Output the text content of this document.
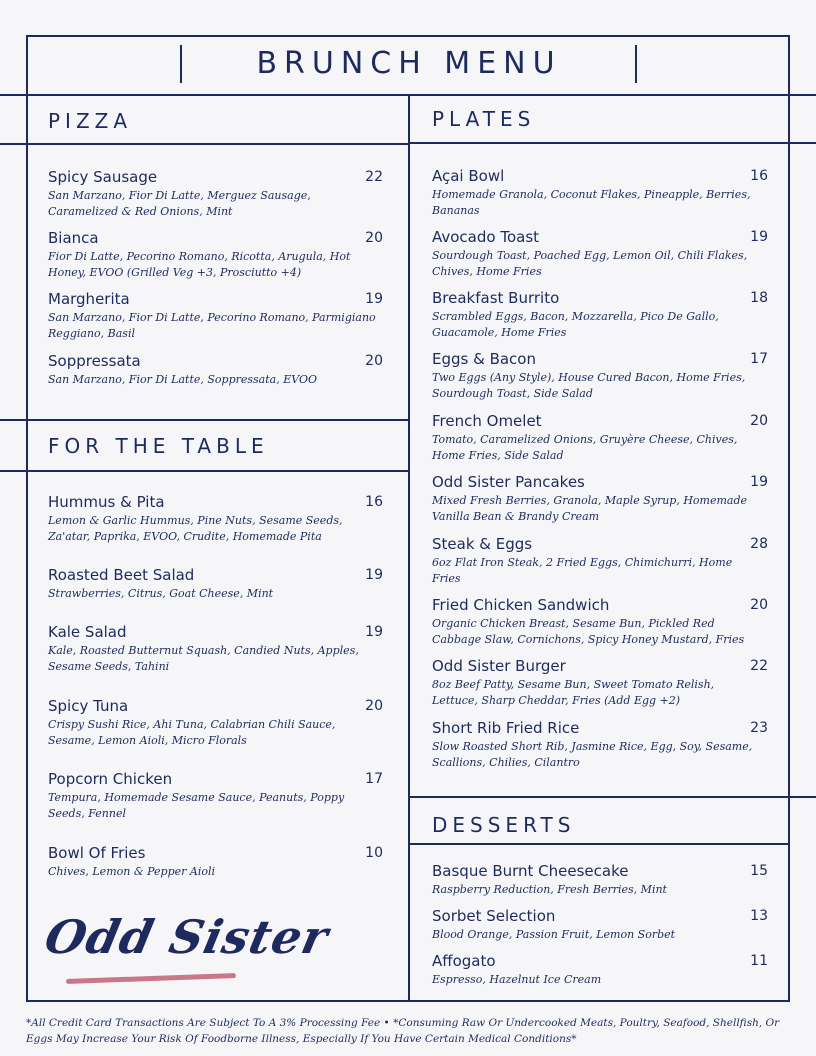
BRUNCH MENU
PIZZA	PLATES
FOR THE TABLE
DESSERTS
Spicy Sausage	22
San Marzano, Fior Di Latte, Merguez Sausage, Caramelized & Red Onions, Mint
Bianca	20
Fior Di Latte, Pecorino Romano, Ricotta, Arugula, Hot Honey, EVOO (Grilled Veg +3, Prosciutto +4)
Margherita	19
San Marzano, Fior Di Latte, Pecorino Romano, Parmigiano Reggiano, Basil
Soppressata	20
San Marzano, Fior Di Latte, Soppressata, EVOO
Hummus & Pita	16
Lemon & Garlic Hummus, Pine Nuts, Sesame Seeds, Za'atar, Paprika, EVOO, Crudite, Homemade Pita
Roasted Beet Salad	19
Strawberries, Citrus, Goat Cheese, Mint
Kale Salad	19
Kale, Roasted Butternut Squash, Candied Nuts, Apples, Sesame Seeds, Tahini
Spicy Tuna	20
Crispy Sushi Rice, Ahi Tuna, Calabrian Chili Sauce, Sesame, Lemon Aioli, Micro Florals
Popcorn Chicken	17
Tempura, Homemade Sesame Sauce, Peanuts, Poppy Seeds, Fennel
Bowl Of Fries	10
Chives, Lemon & Pepper Aioli
Açai Bowl	16
Homemade Granola, Coconut Flakes, Pineapple, Berries, Bananas
Avocado Toast	19
Sourdough Toast, Poached Egg, Lemon Oil, Chili Flakes, Chives, Home Fries
Breakfast Burrito	18
Scrambled Eggs, Bacon, Mozzarella, Pico De Gallo, Guacamole, Home Fries
Eggs & Bacon	17
Two Eggs (Any Style), House Cured Bacon, Home Fries, Sourdough Toast, Side Salad
French Omelet	20
Tomato, Caramelized Onions, Gruyère Cheese, Chives, Home Fries, Side Salad
Odd Sister Pancakes	19
Mixed Fresh Berries, Granola, Maple Syrup, Homemade Vanilla Bean & Brandy Cream
Steak & Eggs	28
6oz Flat Iron Steak, 2 Fried Eggs, Chimichurri, Home Fries
Fried Chicken Sandwich	20
Organic Chicken Breast, Sesame Bun, Pickled Red Cabbage Slaw, Cornichons, Spicy Honey Mustard, Fries
Odd Sister Burger	22
8oz Beef Patty, Sesame Bun, Sweet Tomato Relish, Lettuce, Sharp Cheddar, Fries (Add Egg +2)
Short Rib Fried Rice	23
Slow Roasted Short Rib, Jasmine Rice, Egg, Soy, Sesame, Scallions, Chilies, Cilantro
Basque Burnt Cheesecake	15
Raspberry Reduction, Fresh Berries, Mint
Sorbet Selection	13
Blood Orange, Passion Fruit, Lemon Sorbet
Affogato	11
Espresso, Hazelnut Ice Cream
Odd Sister
*All Credit Card Transactions Are Subject To A 3% Processing Fee • *Consuming Raw Or Undercooked Meats, Poultry, Seafood, Shellfish, Or Eggs May Increase Your Risk Of Foodborne Illness, Especially If You Have Certain Medical Conditions*
